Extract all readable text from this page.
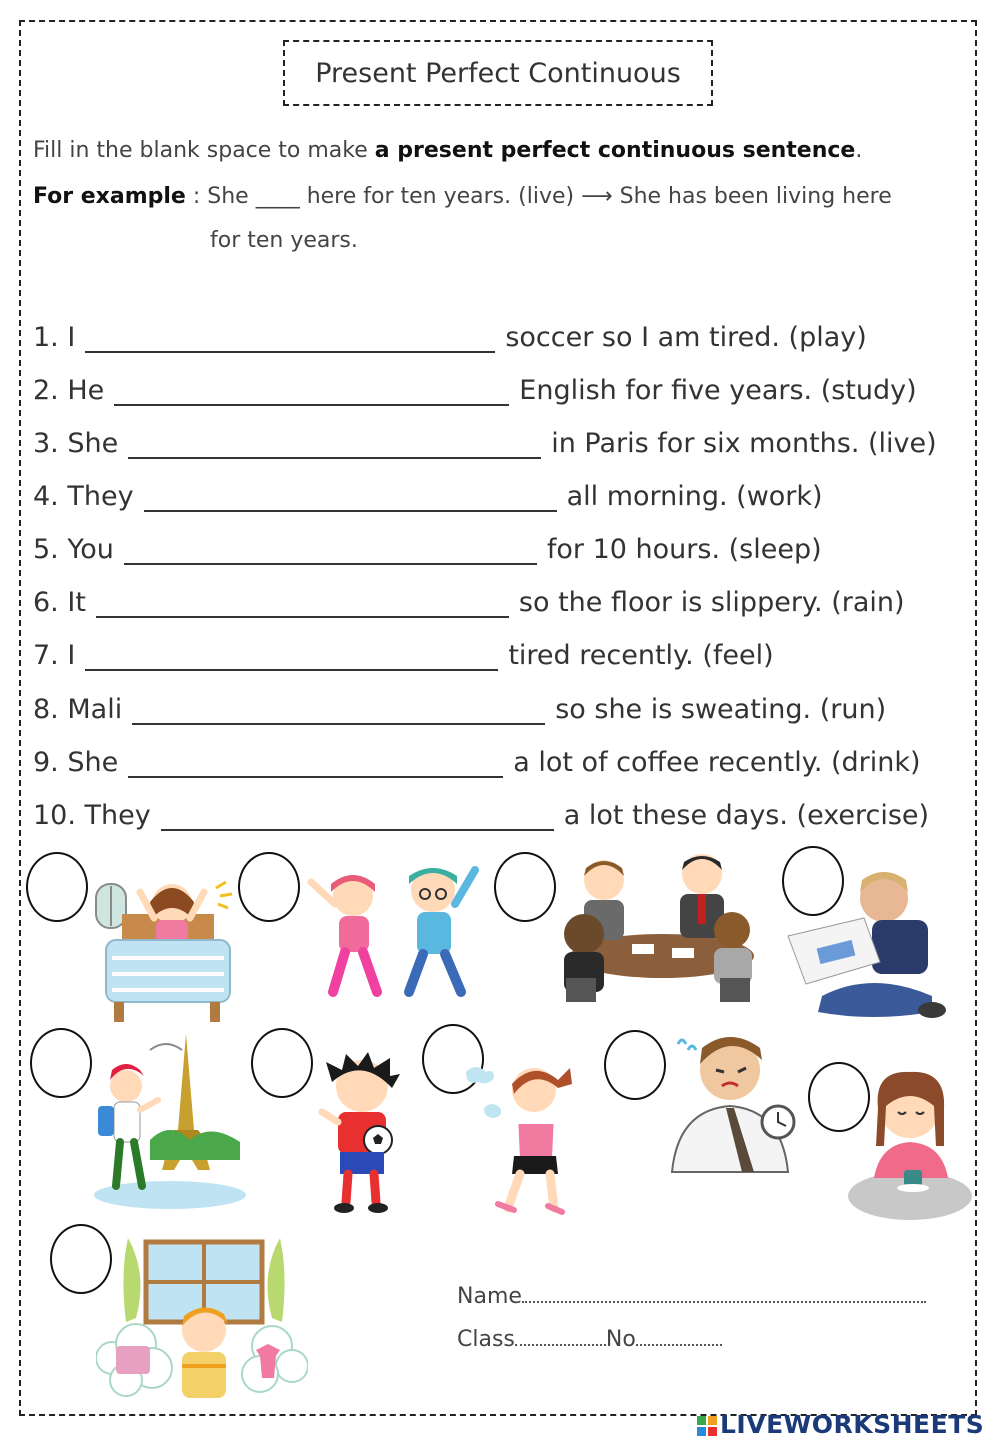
Present Perfect Continuous
Fill in the blank space to make a present perfect continuous sentence.
For example : She ____ here for ten years. (live) ⟶ She has been living here
for ten years.
1. I	soccer so I am tired. (play)
2. He	English for five years. (study)
3. She	in Paris for six months. (live)
4. They	all morning. (work)
5. You	for 10 hours. (sleep)
6. It	so the floor is slippery. (rain)
7. I	tired recently. (feel)
8. Mali	so she is sweating. (run)
9. She	a lot of coffee recently. (drink)
10. They	a lot these days. (exercise)
Name
Class	No
LIVEWORKSHEETS
